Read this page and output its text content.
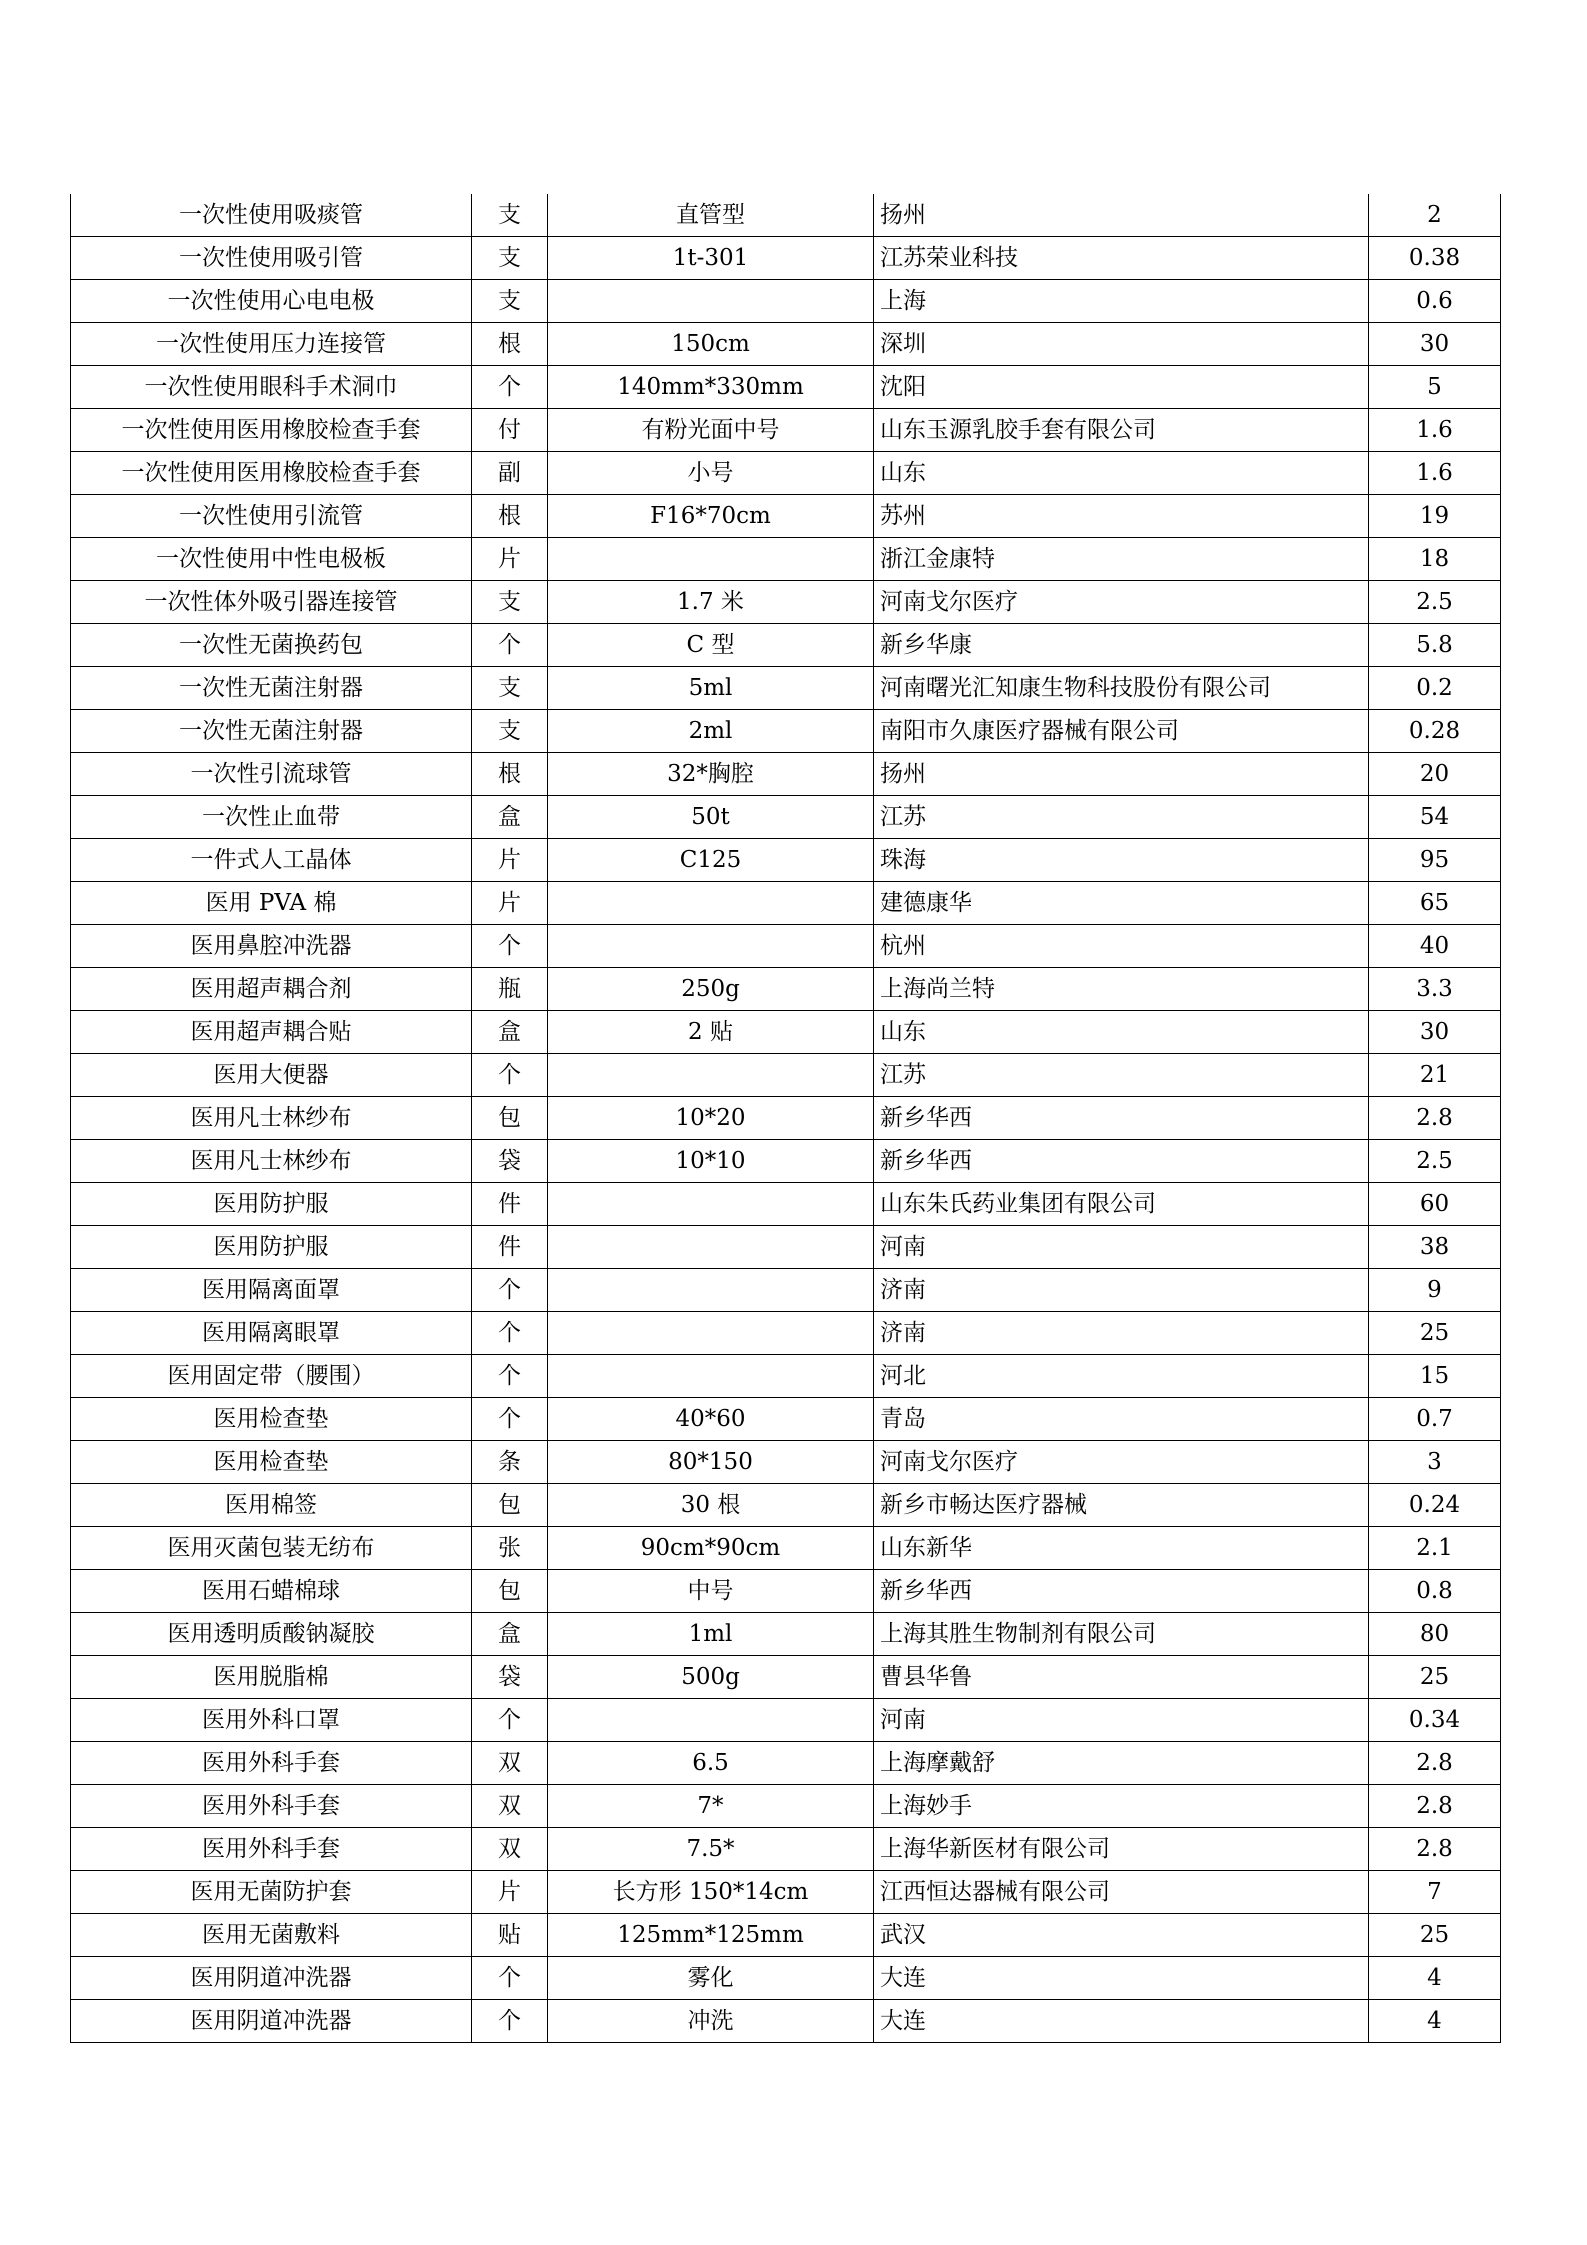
一次性使用吸痰管	支	直管型	扬州	2
一次性使用吸引管	支	1t-301	江苏荣业科技	0.38
一次性使用心电电极	支		上海	0.6
一次性使用压力连接管	根	150cm	深圳	30
一次性使用眼科手术洞巾	个	140mm*330mm	沈阳	5
一次性使用医用橡胶检查手套	付	有粉光面中号	山东玉源乳胶手套有限公司	1.6
一次性使用医用橡胶检查手套	副	小号	山东	1.6
一次性使用引流管	根	F16*70cm	苏州	19
一次性使用中性电极板	片		浙江金康特	18
一次性体外吸引器连接管	支	1.7 米	河南戈尔医疗	2.5
一次性无菌换药包	个	C 型	新乡华康	5.8
一次性无菌注射器	支	5ml	河南曙光汇知康生物科技股份有限公司	0.2
一次性无菌注射器	支	2ml	南阳市久康医疗器械有限公司	0.28
一次性引流球管	根	32*胸腔	扬州	20
一次性止血带	盒	50t	江苏	54
一件式人工晶体	片	C125	珠海	95
医用 PVA 棉	片		建德康华	65
医用鼻腔冲洗器	个		杭州	40
医用超声耦合剂	瓶	250g	上海尚兰特	3.3
医用超声耦合贴	盒	2 贴	山东	30
医用大便器	个		江苏	21
医用凡士林纱布	包	10*20	新乡华西	2.8
医用凡士林纱布	袋	10*10	新乡华西	2.5
医用防护服	件		山东朱氏药业集团有限公司	60
医用防护服	件		河南	38
医用隔离面罩	个		济南	9
医用隔离眼罩	个		济南	25
医用固定带（腰围）	个		河北	15
医用检查垫	个	40*60	青岛	0.7
医用检查垫	条	80*150	河南戈尔医疗	3
医用棉签	包	30 根	新乡市畅达医疗器械	0.24
医用灭菌包装无纺布	张	90cm*90cm	山东新华	2.1
医用石蜡棉球	包	中号	新乡华西	0.8
医用透明质酸钠凝胶	盒	1ml	上海其胜生物制剂有限公司	80
医用脱脂棉	袋	500g	曹县华鲁	25
医用外科口罩	个		河南	0.34
医用外科手套	双	6.5	上海摩戴舒	2.8
医用外科手套	双	7*	上海妙手	2.8
医用外科手套	双	7.5*	上海华新医材有限公司	2.8
医用无菌防护套	片	长方形 150*14cm	江西恒达器械有限公司	7
医用无菌敷料	贴	125mm*125mm	武汉	25
医用阴道冲洗器	个	雾化	大连	4
医用阴道冲洗器	个	冲洗	大连	4
